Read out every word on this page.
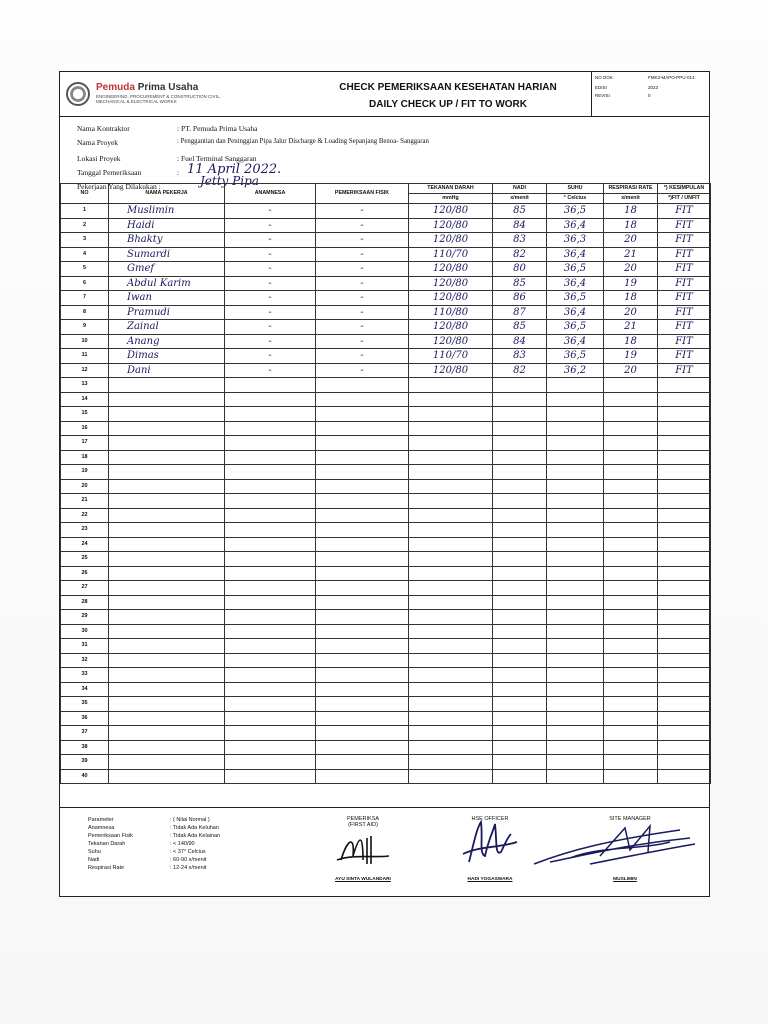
Pemuda Prima Usaha
ENGINEERING, PROCUREMENT & CONSTRUCTION CIVIL, MECHANICAL & ELECTRICAL WORKS
CHECK PEMERIKSAAN KESEHATAN HARIAN
DAILY CHECK UP / FIT TO WORK
NO DOK	FMK3-MAPO-PPU-013
EDISI	2023
REVISI	0
Nama Kontraktor	: PT. Pemuda Prima Usaha
Nama Proyek	: Penggantian dan Peninggian Pipa Jalur Discharge & Loading Sepanjang Benoa- Sanggaran
Lokasi Proyek	: Fuel Terminal Sanggaran
Tanggal Pemeriksaan	: 11 April 2022.
Pekerjaan Yang Dilakukan :	Jetty Pipa
NO	NAMA PEKERJA	ANAMNESA	PEMERIKSAAN FISIK	TEKANAN DARAH	NADI	SUHU	RESPIRASI RATE	*) KESIMPULAN
				mmHg	x/menit	° Celcius	x/menit	*)FIT / UNFIT
1	Muslimin	-	-	120/80	85	36,5	18	FIT
2	Haidi	-	-	120/80	84	36,4	18	FIT
3	Bhakty	-	-	120/80	83	36,3	20	FIT
4	Sumardi	-	-	110/70	82	36,4	21	FIT
5	Gmef	-	-	120/80	80	36,5	20	FIT
6	Abdul Karim	-	-	120/80	85	36,4	19	FIT
7	Iwan	-	-	120/80	86	36,5	18	FIT
8	Pramudi	-	-	110/80	87	36,4	20	FIT
9	Zainal	-	-	120/80	85	36,5	21	FIT
10	Anang	-	-	120/80	84	36,4	18	FIT
11	Dimas	-	-	110/70	83	36,5	19	FIT
12	Dani	-	-	120/80	82	36,2	20	FIT
13								
14								
15								
16								
17								
18								
19								
20								
21								
22								
23								
24								
25								
26								
27								
28								
29								
30								
31								
32								
33								
34								
35								
36								
37								
38								
39								
40								
Parameter	: ( Nilai Normal )
Anamnesa	: Tidak Ada Keluhan
Pemeriksaan Fisik	: Tidak Ada Kelainan
Tekanan Darah	: < 140/90
Suhu	: < 37° Celcius
Nadi	: 60-90 x/menit
Respirasi Rate	: 12-24 x/menit
PEMERIKSA
(FIRST AID)
AYU SINTA WULANDARI
HSE OFFICER
HADI YOGASWARA
SITE MANAGER
MUSLIMIN
